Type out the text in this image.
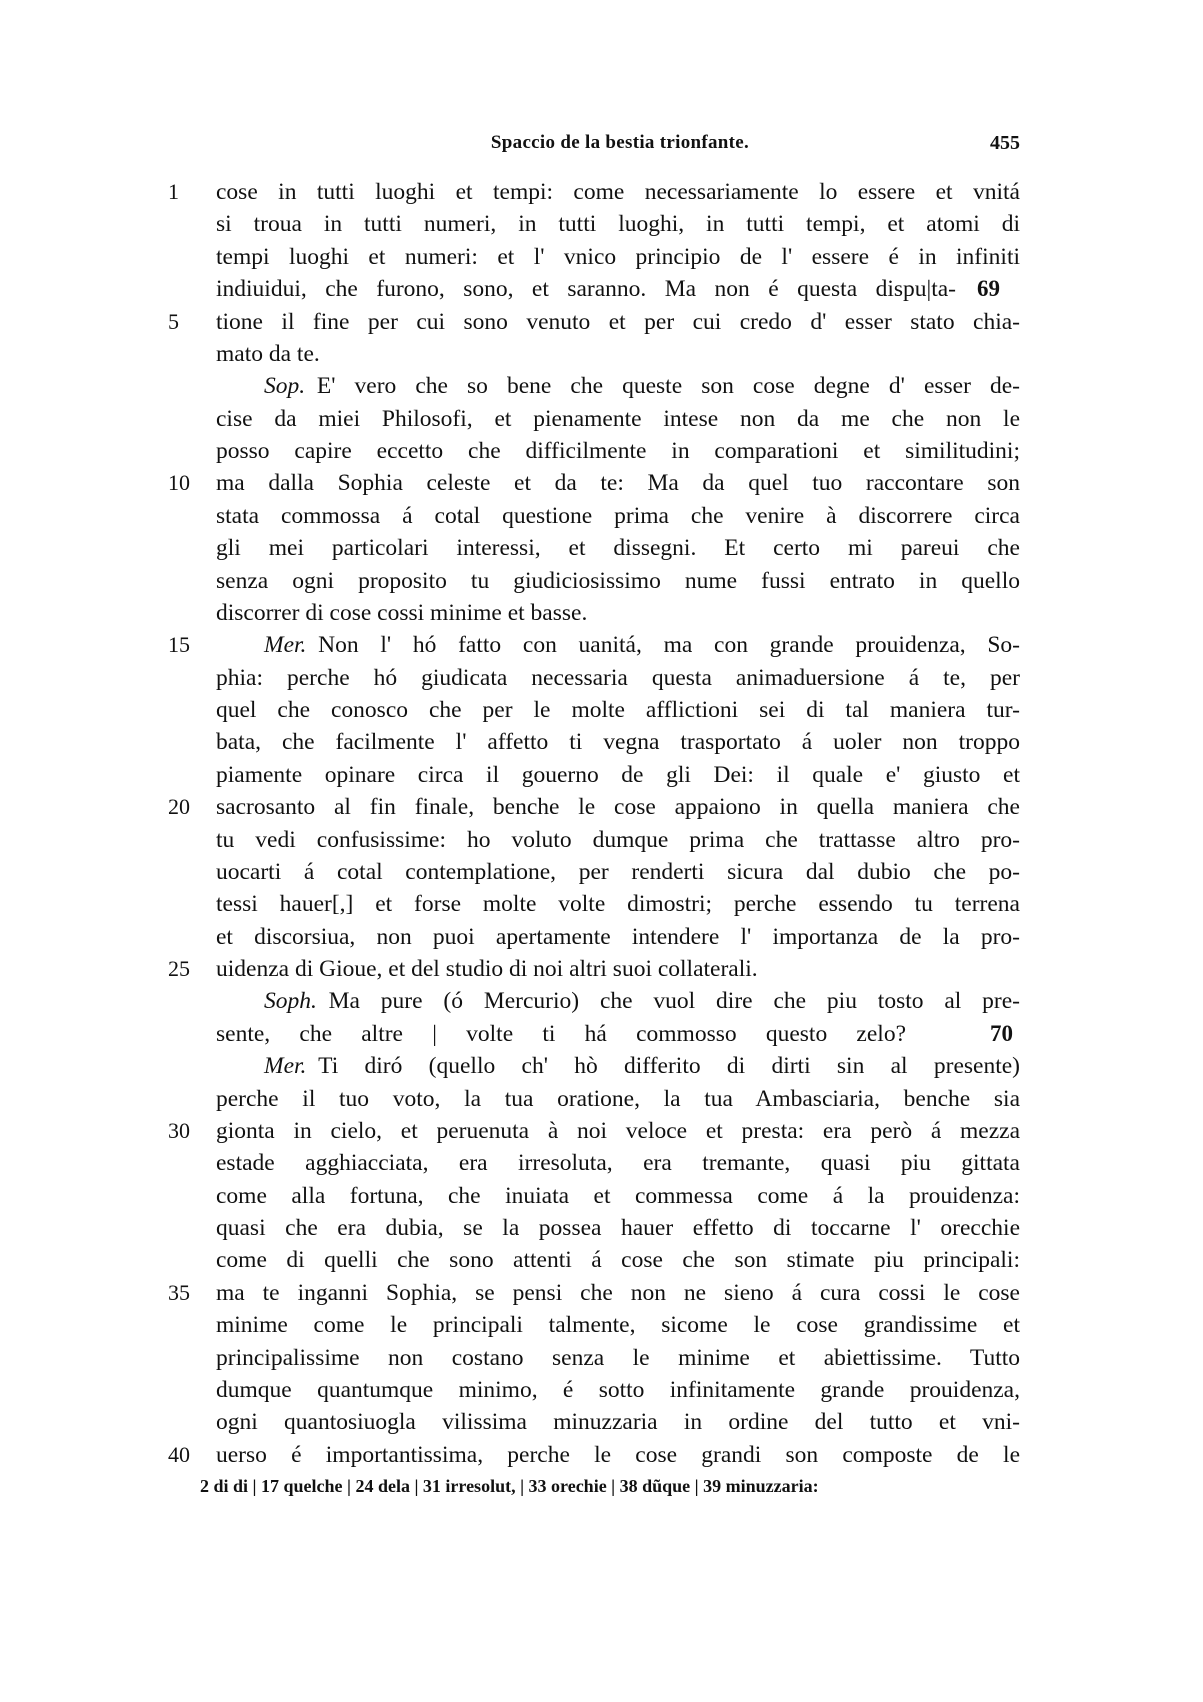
Spaccio de la bestia trionfante.	455
1	cose in tutti luoghi et tempi: come necessariamente lo essere et vnitá
si troua in tutti numeri, in tutti luoghi, in tutti tempi, et atomi di
tempi luoghi et numeri: et l' vnico principio de l' essere é in infiniti
indiuidui, che furono, sono, et saranno. Ma non é questa dispu|ta- 69
5	tione il fine per cui sono venuto et per cui credo d' esser stato chia-
mato da te.
Sop.  E' vero che so bene che queste son cose degne d' esser de-
cise da miei Philosofi, et pienamente intese non da me che non le
posso capire eccetto che difficilmente in comparationi et similitudini;
10	ma dalla Sophia celeste et da te: Ma da quel tuo raccontare son
stata commossa á cotal questione prima che venire à discorrere circa
gli mei particolari interessi, et dissegni. Et certo mi pareui che
senza ogni proposito tu giudiciosissimo nume fussi entrato in quello
discorrer di cose cossi minime et basse.
15	Mer.  Non l' hó fatto con uanitá, ma con grande prouidenza, So-
phia: perche hó giudicata necessaria questa animaduersione á te, per
quel che conosco che per le molte afflictioni sei di tal maniera tur-
bata, che facilmente l' affetto ti vegna trasportato á uoler non troppo
piamente opinare circa il gouerno de gli Dei: il quale e' giusto et
20	sacrosanto al fin finale, benche le cose appaiono in quella maniera che
tu vedi confusissime: ho voluto dumque prima che trattasse altro pro-
uocarti á cotal contemplatione, per renderti sicura dal dubio che po-
tessi hauer[,] et forse molte volte dimostri; perche essendo tu terrena
et discorsiua, non puoi apertamente intendere l' importanza de la pro-
25	uidenza di Gioue, et del studio di noi altri suoi collaterali.
Soph.  Ma pure (ó Mercurio) che vuol dire che piu tosto al pre-
sente, che altre | volte ti há commosso questo zelo?	70
Mer.  Ti diró (quello ch' hò differito di dirti sin al presente)
perche il tuo voto, la tua oratione, la tua Ambasciaria, benche sia
30	gionta in cielo, et peruenuta à noi veloce et presta: era però á mezza
estade agghiacciata, era irresoluta, era tremante, quasi piu gittata
come alla fortuna, che inuiata et commessa come á la prouidenza:
quasi che era dubia, se la possea hauer effetto di toccarne l' orecchie
come di quelli che sono attenti á cose che son stimate piu principali:
35	ma te inganni Sophia, se pensi che non ne sieno á cura cossi le cose
minime come le principali talmente, sicome le cose grandissime et
principalissime non costano senza le minime et abiettissime. Tutto
dumque quantumque minimo, é sotto infinitamente grande prouidenza,
ogni quantosiuogla vilissima minuzzaria in ordine del tutto et vni-
40	uerso é importantissima, perche le cose grandi son composte de le
2 di di | 17 quelche | 24 dela | 31 irresolut, | 33 orechie | 38 dũque | 39 minuzzaria:
